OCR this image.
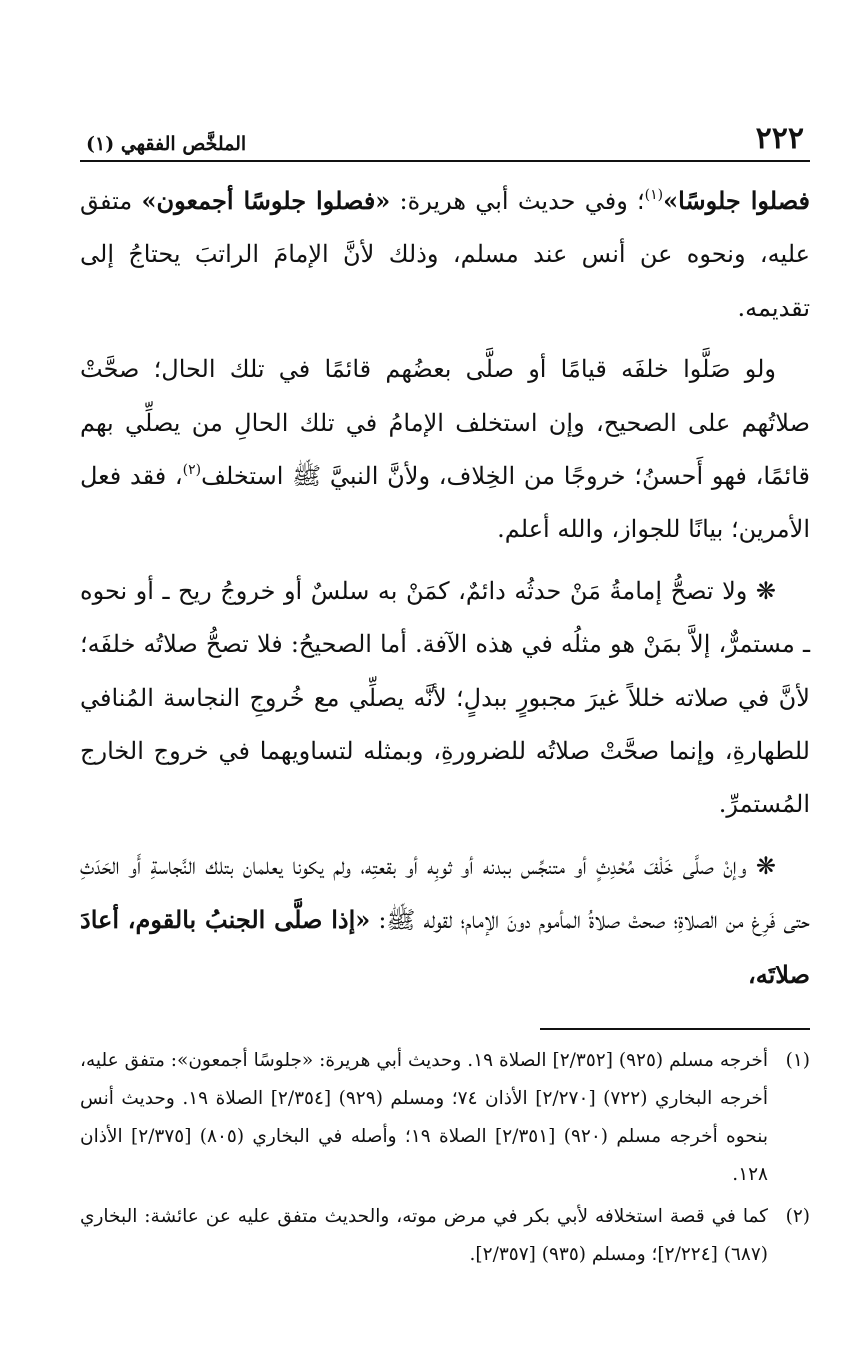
٢٢٢
الملخَّص الفقهي (١)

فصلوا جلوسًا»$^{(١)}$؛ وفي حديث أبي هريرة: «فصلوا جلوسًا أجمعون» متفق عليه، ونحوه عن أنس عند مسلم، وذلك لأنَّ الإمامَ الراتبَ يحتاجُ إلى تقديمه.

ولو صَلَّوا خلفَه قيامًا أو صلَّى بعضُهم قائمًا في تلك الحال؛ صحَّتْ صلاتُهم على الصحيح، وإن استخلف الإمامُ في تلك الحالِ من يصلِّي بهم قائمًا، فهو أَحسنُ؛ خروجًا من الخِلاف، ولأنَّ النبيَّ ﷺ استخلف$^{(٢)}$، فقد فعل الأمرين؛ بيانًا للجواز، والله أعلم.

❋ ولا تصحُّ إمامةُ مَنْ حدثُه دائمٌ، كمَنْ به سلسٌ أو خروجُ ريح ـ أو نحوه ـ مستمرٌّ، إلاَّ بمَنْ هو مثلُه في هذه الآفة. أما الصحيحُ: فلا تصحُّ صلاتُه خلفَه؛ لأنَّ في صلاته خللاً غيرَ مجبورٍ ببدلٍ؛ لأنَّه يصلِّي مع خُروجِ النجاسة المُنافي للطهارةِ، وإنما صحَّتْ صلاتُه للضرورةِ، وبمثله لتساويهما في خروج الخارج المُستمرِّ.

❋ وإنْ صلَّى خَلْفَ مُحْدِثٍ أو متنجِّس ببدنه أو ثوبِه أو بقعتِه، ولم يكونا يعلمان بتلك النَّجاسةِ أَو الحَدَثِ حتى فَرِغ من الصلاةِ؛ صحتْ صلاةُ المأموم دونَ الإمام؛ لقوله ﷺ: «إذا صلَّى الجنبُ بالقوم، أعادَ صلاتَه،

(١)
أخرجه مسلم (٩٢٥) [٢/٣٥٢] الصلاة ١٩. وحديث أبي هريرة: «جلوسًا أجمعون»: متفق عليه، أخرجه البخاري (٧٢٢) [٢/٢٧٠] الأذان ٧٤؛ ومسلم (٩٢٩) [٢/٣٥٤] الصلاة ١٩. وحديث أنس بنحوه أخرجه مسلم (٩٢٠) [٢/٣٥١] الصلاة ١٩؛ وأصله في البخاري (٨٠٥) [٢/٣٧٥] الأذان ١٢٨.
(٢)
كما في قصة استخلافه لأبي بكر في مرض موته، والحديث متفق عليه عن عائشة: البخاري (٦٨٧) [٢/٢٢٤]؛ ومسلم (٩٣٥) [٢/٣٥٧].
